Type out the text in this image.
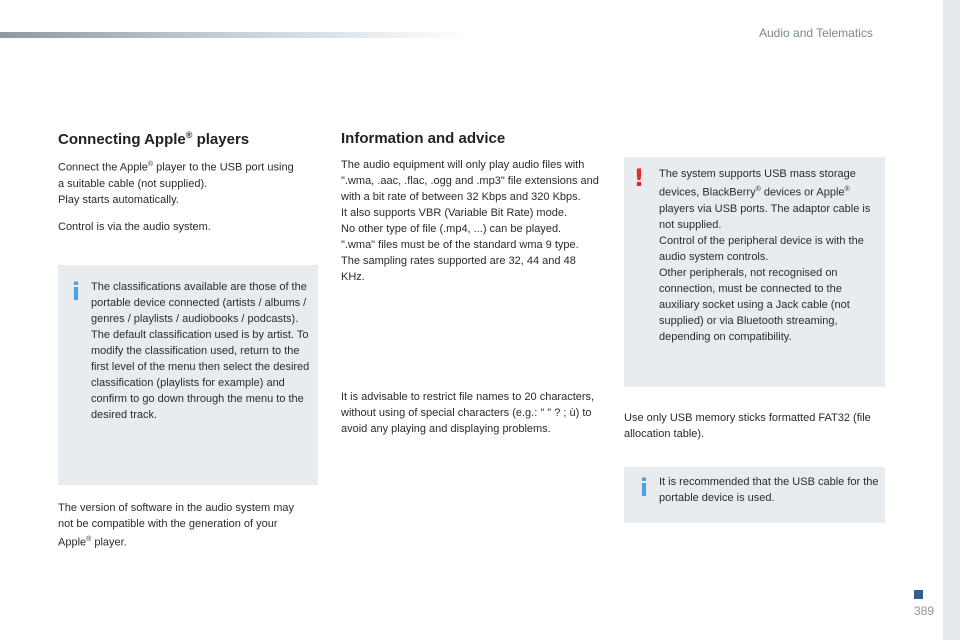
Audio and Telematics
Connecting Apple® players

Connect the Apple® player to the USB port using a suitable cable (not supplied).
Play starts automatically.

Control is via the audio system.

i The classifications available are those of the portable device connected (artists / albums / genres / playlists / audiobooks / podcasts).
The default classification used is by artist. To modify the classification used, return to the first level of the menu then select the desired classification (playlists for example) and confirm to go down through the menu to the desired track.

The version of software in the audio system may not be compatible with the generation of your Apple® player.

Information and advice

The audio equipment will only play audio files with ".wma, .aac, .flac, .ogg and .mp3" file extensions and with a bit rate of between 32 Kbps and 320 Kbps.
It also supports VBR (Variable Bit Rate) mode.
No other type of file (.mp4, ...) can be played.
".wma" files must be of the standard wma 9 type.
The sampling rates supported are 32, 44 and 48 KHz.

It is advisable to restrict file names to 20 characters, without using of special characters (e.g.: " " ? ; ù) to avoid any playing and displaying problems.

!	The system supports USB mass storage devices, BlackBerry® devices or Apple® players via USB ports. The adaptor cable is not supplied.
Control of the peripheral device is with the audio system controls.
Other peripherals, not recognised on connection, must be connected to the auxiliary socket using a Jack cable (not supplied) or via Bluetooth streaming, depending on compatibility.

Use only USB memory sticks formatted FAT32 (file allocation table).

i It is recommended that the USB cable for the portable device is used.

389
